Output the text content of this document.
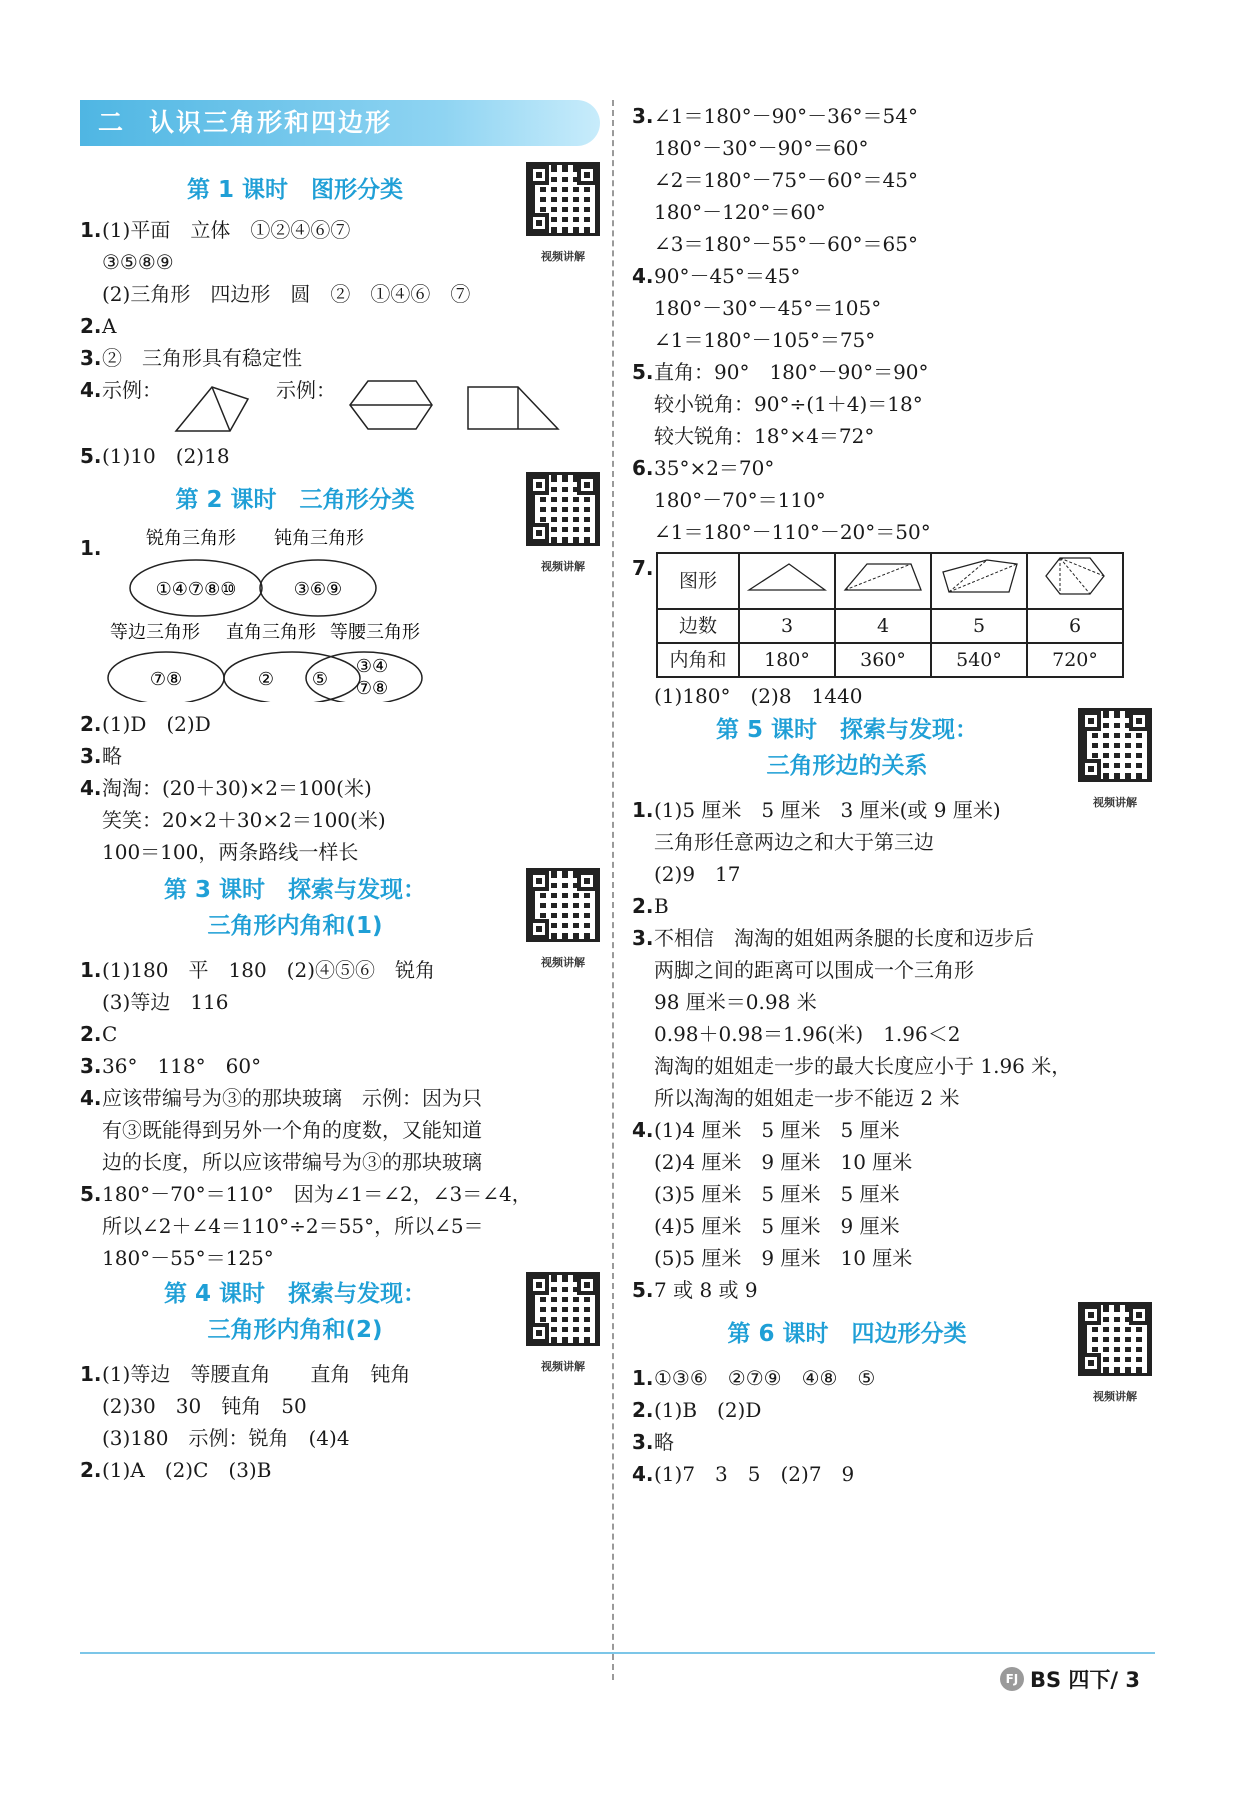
二 认识三角形和四边形
第 1 课时　图形分类
视频讲解
1. (1)平面　立体　①②④⑥⑦
③⑤⑧⑨
(2)三角形　四边形　圆　②　①④⑥　⑦
2. A
3. ②　三角形具有稳定性
4. 示例：	示例：
5. (1)10　(2)18
第 2 课时　三角形分类
视频讲解
1. 锐角三角形 钝角三角形
①④⑦⑧⑩	③⑥⑨
等边三角形 直角三角形 等腰三角形
⑦⑧	② ⑤
③④
⑦⑧
2. (1)D　(2)D
3. 略
4. 淘淘：(20＋30)×2＝100(米)
笑笑：20×2＋30×2＝100(米)
100＝100，两条路线一样长
第 3 课时　探索与发现：
三角形内角和(1)
视频讲解
1. (1)180　平　180　(2)④⑤⑥　锐角
(3)等边　116
2. C
3. 36°　118°　60°
4. 应该带编号为③的那块玻璃　示例：因为只
有③既能得到另外一个角的度数，又能知道
边的长度，所以应该带编号为③的那块玻璃
5. 180°－70°＝110°　因为∠1＝∠2，∠3＝∠4，
所以∠2＋∠4＝110°÷2＝55°，所以∠5＝
180°－55°＝125°
第 4 课时　探索与发现：
三角形内角和(2)
视频讲解
1. (1)等边　等腰直角　　直角　钝角
(2)30　30　钝角　50
(3)180　示例：锐角　(4)4
2. (1)A　(2)C　(3)B
3. ∠1＝180°－90°－36°＝54°
180°－30°－90°＝60°
∠2＝180°－75°－60°＝45°
180°－120°＝60°
∠3＝180°－55°－60°＝65°
4. 90°－45°＝45°
180°－30°－45°＝105°
∠1＝180°－105°＝75°
5. 直角：90°　180°－90°＝90°
较小锐角：90°÷(1＋4)＝18°
较大锐角：18°×4＝72°
6. 35°×2＝70°
180°－70°＝110°
∠1＝180°－110°－20°＝50°
7.
图形				
边数	3	4	5	6
内角和	180°	360°	540°	720°
(1)180°　(2)8　1440
第 5 课时　探索与发现：
三角形边的关系
视频讲解
1. (1)5 厘米　5 厘米　3 厘米(或 9 厘米)
三角形任意两边之和大于第三边
(2)9　17
2. B
3. 不相信　淘淘的姐姐两条腿的长度和迈步后
两脚之间的距离可以围成一个三角形
98 厘米＝0.98 米
0.98＋0.98＝1.96(米)　1.96＜2
淘淘的姐姐走一步的最大长度应小于 1.96 米，
所以淘淘的姐姐走一步不能迈 2 米
4. (1)4 厘米　5 厘米　5 厘米
(2)4 厘米　9 厘米　10 厘米
(3)5 厘米　5 厘米　5 厘米
(4)5 厘米　5 厘米　9 厘米
(5)5 厘米　9 厘米　10 厘米
5. 7 或 8 或 9
第 6 课时　四边形分类
视频讲解
1. ①③⑥　②⑦⑨　④⑧　⑤
2. (1)B　(2)D
3. 略
4. (1)7　3　5　(2)7　9
FJ BS 四下/ 3
